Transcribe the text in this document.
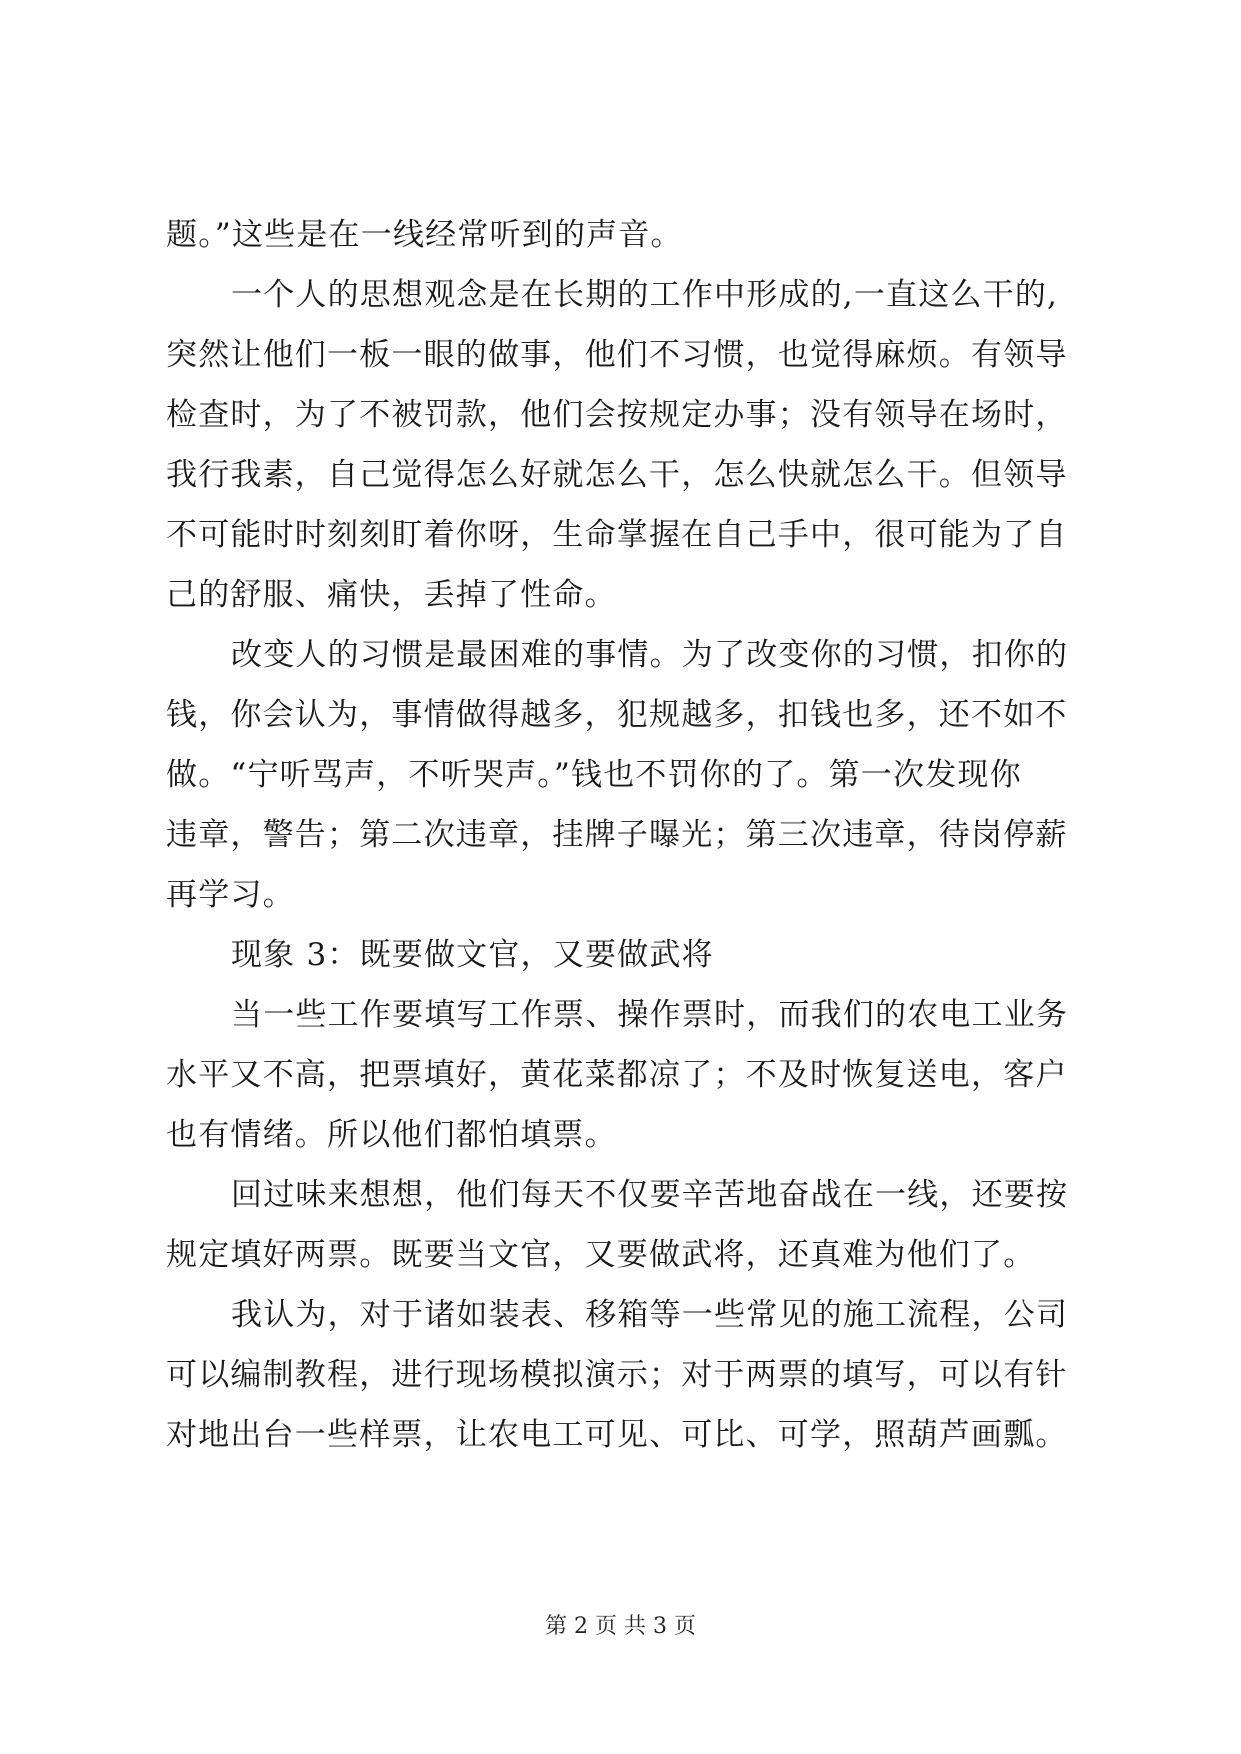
题。”这些是在一线经常听到的声音。

一个人的思想观念是在长期的工作中形成的,一直这么干的,
突然让他们一板一眼的做事，他们不习惯，也觉得麻烦。有领导
检查时，为了不被罚款，他们会按规定办事；没有领导在场时，
我行我素，自己觉得怎么好就怎么干，怎么快就怎么干。但领导
不可能时时刻刻盯着你呀，生命掌握在自己手中，很可能为了自
己的舒服、痛快，丢掉了性命。

改变人的习惯是最困难的事情。为了改变你的习惯，扣你的
钱，你会认为，事情做得越多，犯规越多，扣钱也多，还不如不
做。“宁听骂声，不听哭声。”钱也不罚你的了。第一次发现你
违章，警告；第二次违章，挂牌子曝光；第三次违章，待岗停薪
再学习。

现象 3：既要做文官，又要做武将

当一些工作要填写工作票、操作票时，而我们的农电工业务
水平又不高，把票填好，黄花菜都凉了；不及时恢复送电，客户
也有情绪。所以他们都怕填票。

回过味来想想，他们每天不仅要辛苦地奋战在一线，还要按
规定填好两票。既要当文官，又要做武将，还真难为他们了。

我认为，对于诸如装表、移箱等一些常见的施工流程，公司
可以编制教程，进行现场模拟演示；对于两票的填写，可以有针
对地出台一些样票，让农电工可见、可比、可学，照葫芦画瓢。

第 2 页 共 3 页
